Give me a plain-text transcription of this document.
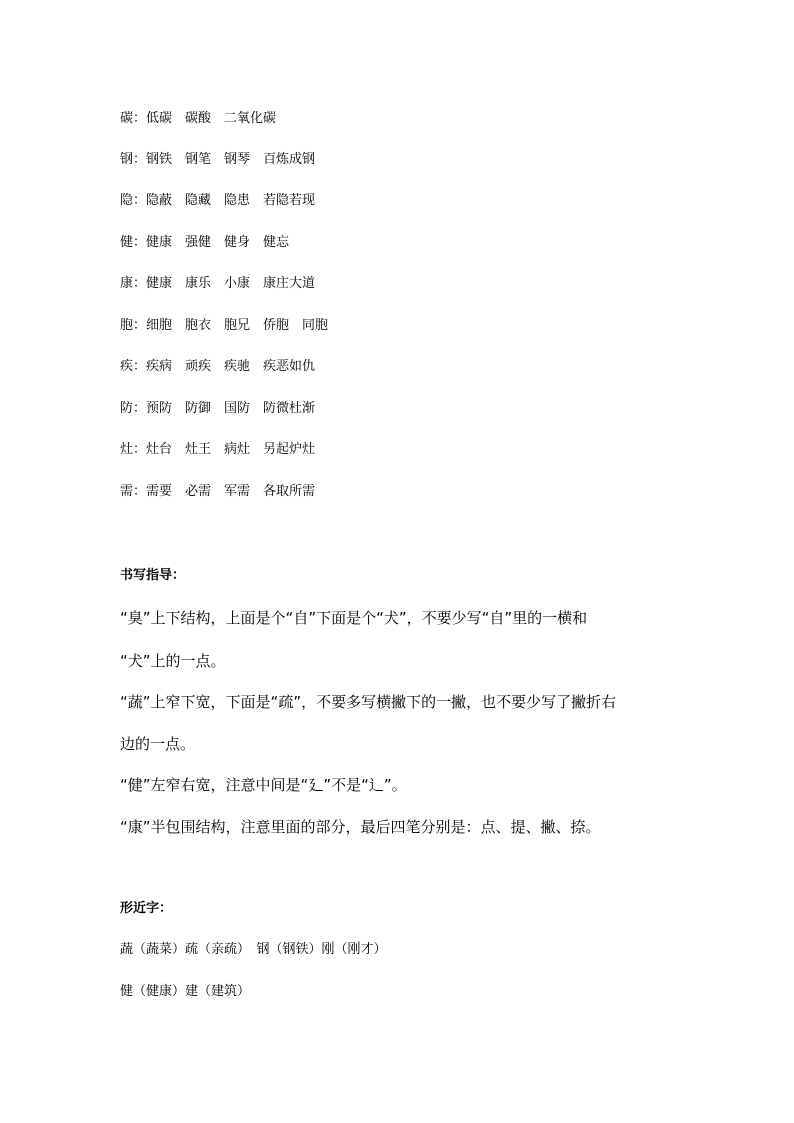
碳：低碳　碳酸　二氧化碳
钢：钢铁　钢笔　钢琴　百炼成钢
隐：隐蔽　隐藏　隐患　若隐若现
健：健康　强健　健身　健忘
康：健康　康乐　小康　康庄大道
胞：细胞　胞衣　胞兄　侨胞　同胞
疾：疾病　顽疾　疾驰　疾恶如仇
防：预防　防御　国防　防微杜渐
灶：灶台　灶王　病灶　另起炉灶
需：需要　必需　军需　各取所需
书写指导：
“臭”上下结构，上面是个“自”下面是个“犬”，不要少写“自”里的一横和
“犬”上的一点。
“蔬”上窄下宽，下面是“疏”，不要多写横撇下的一撇，也不要少写了撇折右
边的一点。
“健”左窄右宽，注意中间是“廴”不是“辶”。
“康”半包围结构，注意里面的部分，最后四笔分别是：点、提、撇、捺。
形近字：
蔬（蔬菜）疏（亲疏）　钢（钢铁）刚（刚才）
健（健康）建（建筑）
